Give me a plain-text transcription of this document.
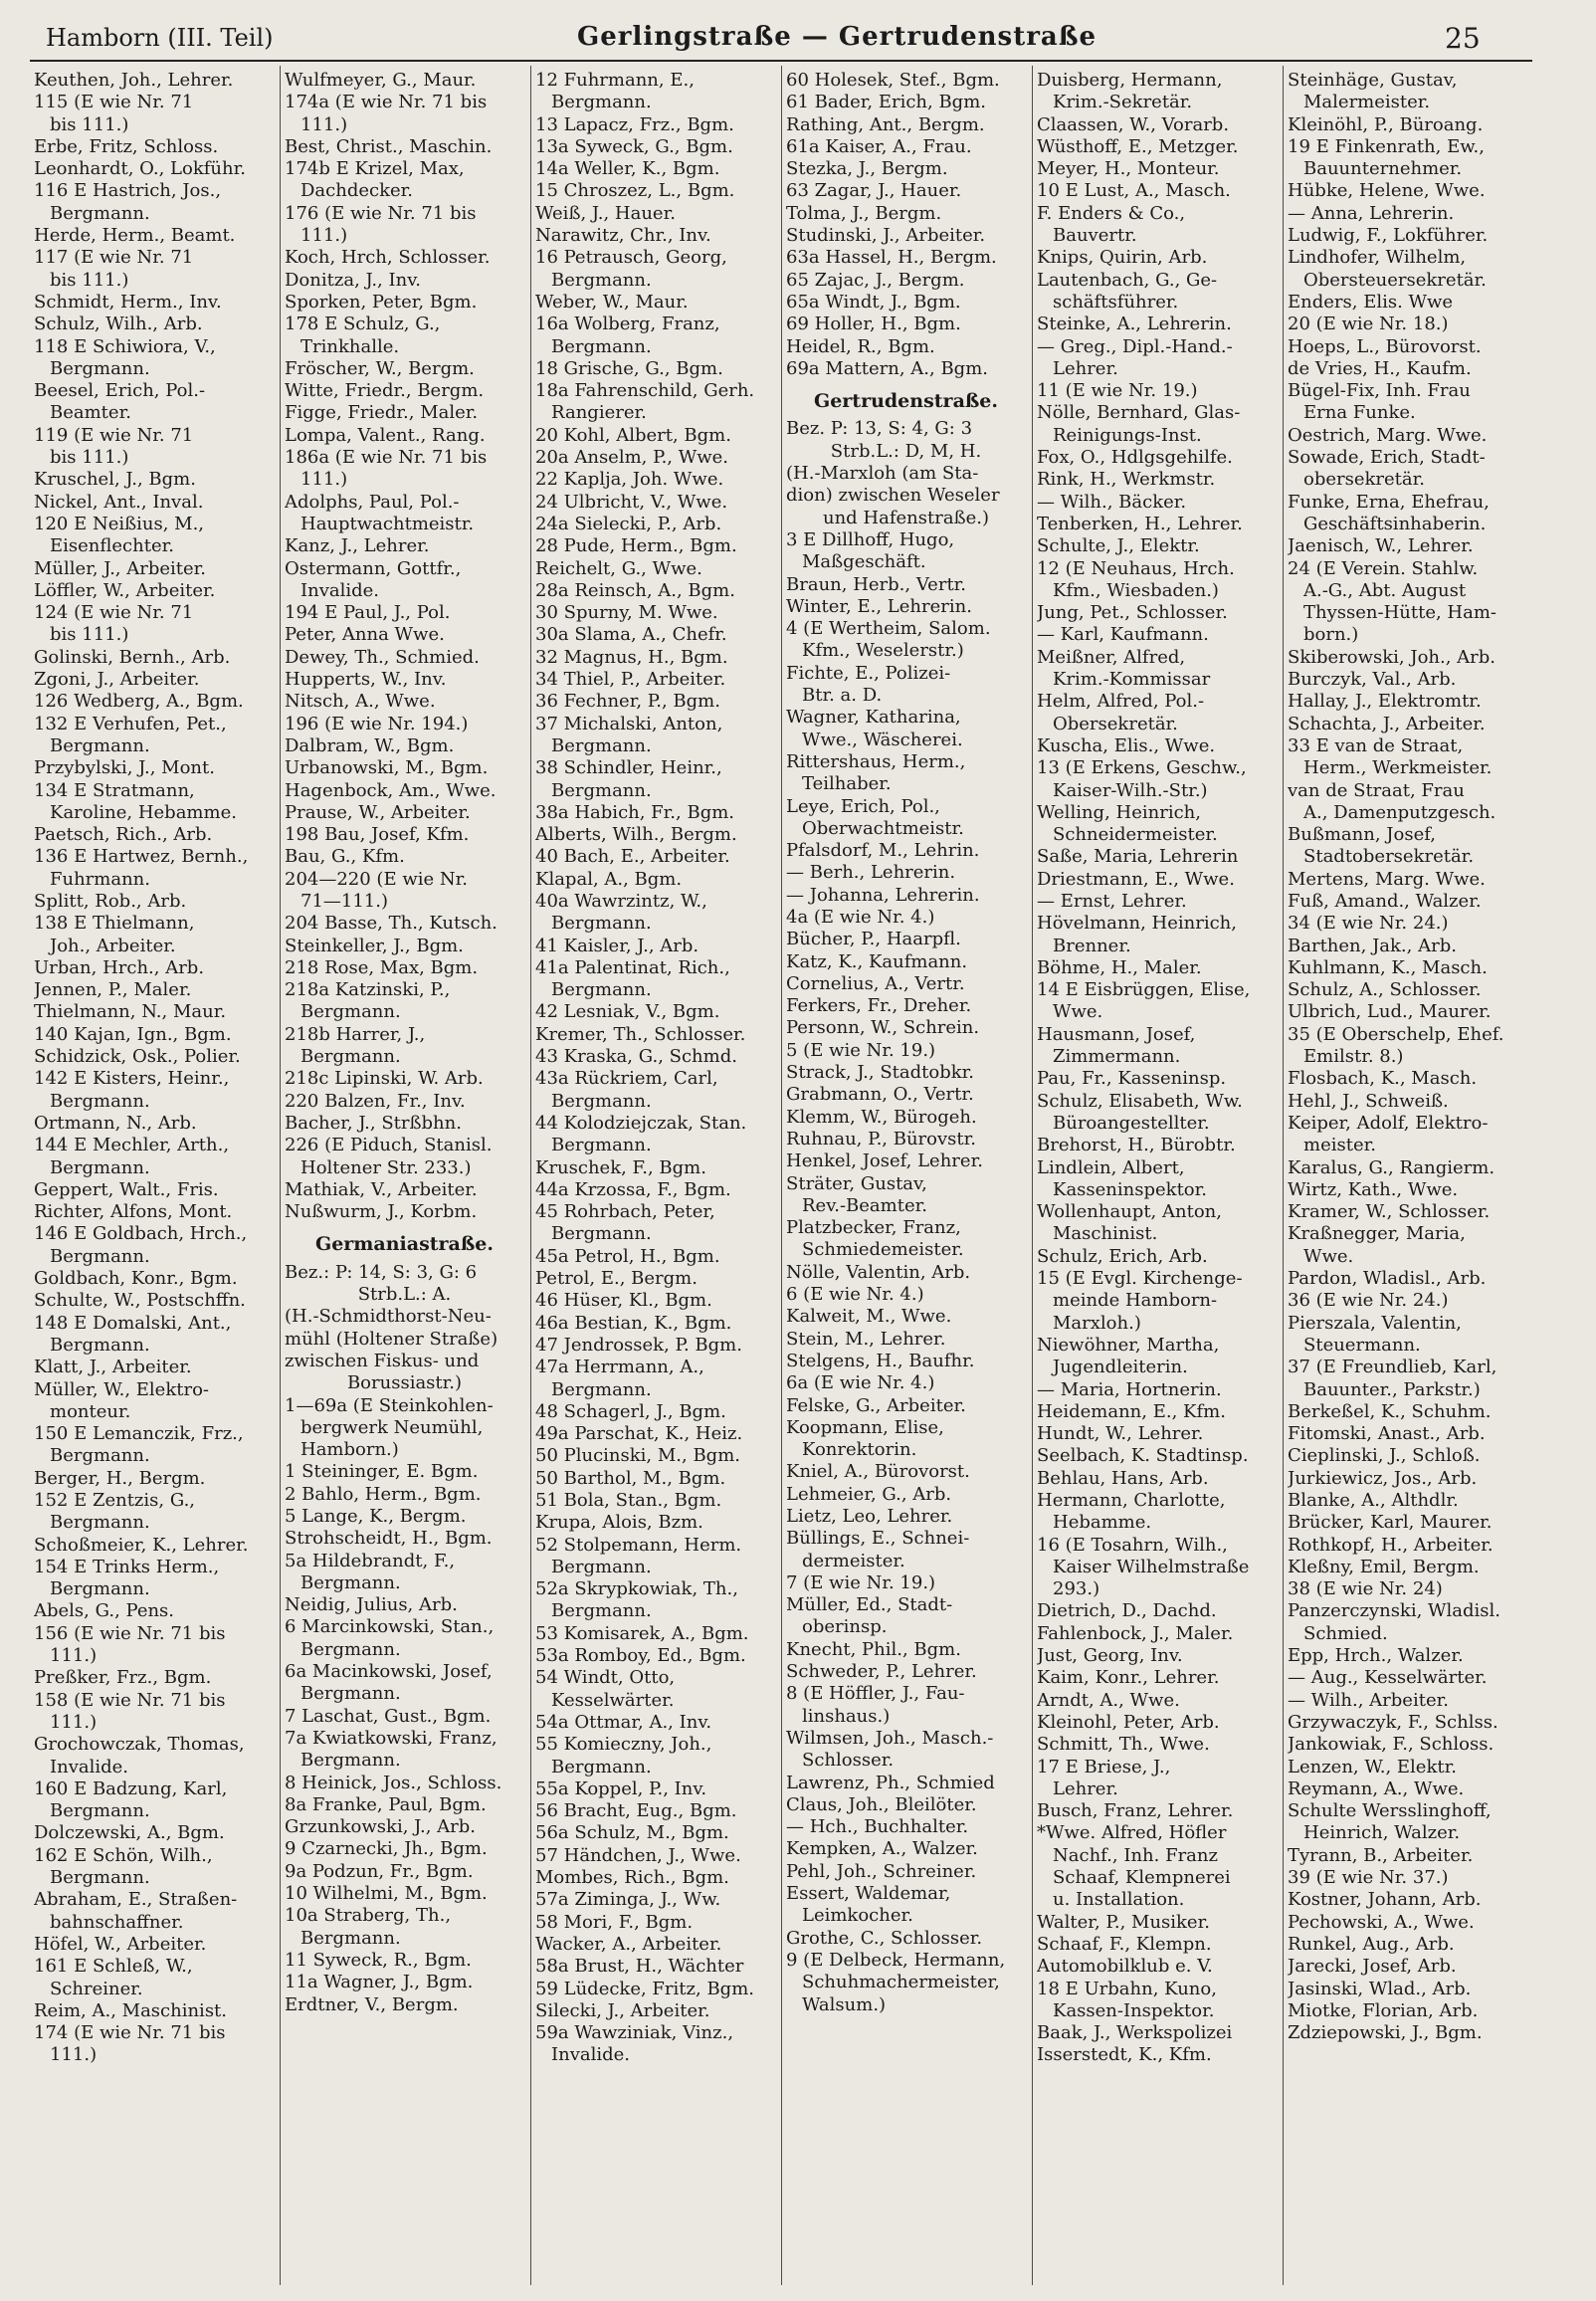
Hamborn (III. Teil)	Gerlingstraße — Gertrudenstraße	25
Keuthen, Joh., Lehrer.
115 (E wie Nr. 71
bis 111.)
Erbe, Fritz, Schloss.
Leonhardt, O., Lokführ.
116 E Hastrich, Jos.,
Bergmann.
Herde, Herm., Beamt.
117 (E wie Nr. 71
bis 111.)
Schmidt, Herm., Inv.
Schulz, Wilh., Arb.
118 E Schiwiora, V.,
Bergmann.
Beesel, Erich, Pol.-
Beamter.
119 (E wie Nr. 71
bis 111.)
Kruschel, J., Bgm.
Nickel, Ant., Inval.
120 E Neißius, M.,
Eisenflechter.
Müller, J., Arbeiter.
Löffler, W., Arbeiter.
124 (E wie Nr. 71
bis 111.)
Golinski, Bernh., Arb.
Zgoni, J., Arbeiter.
126 Wedberg, A., Bgm.
132 E Verhufen, Pet.,
Bergmann.
Przybylski, J., Mont.
134 E Stratmann,
Karoline, Hebamme.
Paetsch, Rich., Arb.
136 E Hartwez, Bernh.,
Fuhrmann.
Splitt, Rob., Arb.
138 E Thielmann,
Joh., Arbeiter.
Urban, Hrch., Arb.
Jennen, P., Maler.
Thielmann, N., Maur.
140 Kajan, Ign., Bgm.
Schidzick, Osk., Polier.
142 E Kisters, Heinr.,
Bergmann.
Ortmann, N., Arb.
144 E Mechler, Arth.,
Bergmann.
Geppert, Walt., Fris.
Richter, Alfons, Mont.
146 E Goldbach, Hrch.,
Bergmann.
Goldbach, Konr., Bgm.
Schulte, W., Postschffn.
148 E Domalski, Ant.,
Bergmann.
Klatt, J., Arbeiter.
Müller, W., Elektro-
monteur.
150 E Lemanczik, Frz.,
Bergmann.
Berger, H., Bergm.
152 E Zentzis, G.,
Bergmann.
Schoßmeier, K., Lehrer.
154 E Trinks Herm.,
Bergmann.
Abels, G., Pens.
156 (E wie Nr. 71 bis
111.)
Preßker, Frz., Bgm.
158 (E wie Nr. 71 bis
111.)
Grochowczak, Thomas,
Invalide.
160 E Badzung, Karl,
Bergmann.
Dolczewski, A., Bgm.
162 E Schön, Wilh.,
Bergmann.
Abraham, E., Straßen-
bahnschaffner.
Höfel, W., Arbeiter.
161 E Schleß, W.,
Schreiner.
Reim, A., Maschinist.
174 (E wie Nr. 71 bis
111.)
Wulfmeyer, G., Maur.
174a (E wie Nr. 71 bis
111.)
Best, Christ., Maschin.
174b E Krizel, Max,
Dachdecker.
176 (E wie Nr. 71 bis
111.)
Koch, Hrch, Schlosser.
Donitza, J., Inv.
Sporken, Peter, Bgm.
178 E Schulz, G.,
Trinkhalle.
Fröscher, W., Bergm.
Witte, Friedr., Bergm.
Figge, Friedr., Maler.
Lompa, Valent., Rang.
186a (E wie Nr. 71 bis
111.)
Adolphs, Paul, Pol.-
Hauptwachtmeistr.
Kanz, J., Lehrer.
Ostermann, Gottfr.,
Invalide.
194 E Paul, J., Pol.
Peter, Anna Wwe.
Dewey, Th., Schmied.
Hupperts, W., Inv.
Nitsch, A., Wwe.
196 (E wie Nr. 194.)
Dalbram, W., Bgm.
Urbanowski, M., Bgm.
Hagenbock, Am., Wwe.
Prause, W., Arbeiter.
198 Bau, Josef, Kfm.
Bau, G., Kfm.
204—220 (E wie Nr.
71—111.)
204 Basse, Th., Kutsch.
Steinkeller, J., Bgm.
218 Rose, Max, Bgm.
218a Katzinski, P.,
Bergmann.
218b Harrer, J.,
Bergmann.
218c Lipinski, W. Arb.
220 Balzen, Fr., Inv.
Bacher, J., Strßbhn.
226 (E Piduch, Stanisl.
Holtener Str. 233.)
Mathiak, V., Arbeiter.
Nußwurm, J., Korbm.
Germaniastraße.
Bez.: P: 14, S: 3, G: 6
Strb.L.: A.
(H.-Schmidthorst-Neu-
mühl (Holtener Straße)
zwischen Fiskus- und
Borussiastr.)
1—69a (E Steinkohlen-
bergwerk Neumühl,
Hamborn.)
1 Steininger, E. Bgm.
2 Bahlo, Herm., Bgm.
5 Lange, K., Bergm.
Strohscheidt, H., Bgm.
5a Hildebrandt, F.,
Bergmann.
Neidig, Julius, Arb.
6 Marcinkowski, Stan.,
Bergmann.
6a Macinkowski, Josef,
Bergmann.
7 Laschat, Gust., Bgm.
7a Kwiatkowski, Franz,
Bergmann.
8 Heinick, Jos., Schloss.
8a Franke, Paul, Bgm.
Grzunkowski, J., Arb.
9 Czarnecki, Jh., Bgm.
9a Podzun, Fr., Bgm.
10 Wilhelmi, M., Bgm.
10a Straberg, Th.,
Bergmann.
11 Syweck, R., Bgm.
11a Wagner, J., Bgm.
Erdtner, V., Bergm.
12 Fuhrmann, E.,
Bergmann.
13 Lapacz, Frz., Bgm.
13a Syweck, G., Bgm.
14a Weller, K., Bgm.
15 Chroszez, L., Bgm.
Weiß, J., Hauer.
Narawitz, Chr., Inv.
16 Petrausch, Georg,
Bergmann.
Weber, W., Maur.
16a Wolberg, Franz,
Bergmann.
18 Grische, G., Bgm.
18a Fahrenschild, Gerh.
Rangierer.
20 Kohl, Albert, Bgm.
20a Anselm, P., Wwe.
22 Kaplja, Joh. Wwe.
24 Ulbricht, V., Wwe.
24a Sielecki, P., Arb.
28 Pude, Herm., Bgm.
Reichelt, G., Wwe.
28a Reinsch, A., Bgm.
30 Spurny, M. Wwe.
30a Slama, A., Chefr.
32 Magnus, H., Bgm.
34 Thiel, P., Arbeiter.
36 Fechner, P., Bgm.
37 Michalski, Anton,
Bergmann.
38 Schindler, Heinr.,
Bergmann.
38a Habich, Fr., Bgm.
Alberts, Wilh., Bergm.
40 Bach, E., Arbeiter.
Klapal, A., Bgm.
40a Wawrzintz, W.,
Bergmann.
41 Kaisler, J., Arb.
41a Palentinat, Rich.,
Bergmann.
42 Lesniak, V., Bgm.
Kremer, Th., Schlosser.
43 Kraska, G., Schmd.
43a Rückriem, Carl,
Bergmann.
44 Kolodziejczak, Stan.
Bergmann.
Kruschek, F., Bgm.
44a Krzossa, F., Bgm.
45 Rohrbach, Peter,
Bergmann.
45a Petrol, H., Bgm.
Petrol, E., Bergm.
46 Hüser, Kl., Bgm.
46a Bestian, K., Bgm.
47 Jendrossek, P. Bgm.
47a Herrmann, A.,
Bergmann.
48 Schagerl, J., Bgm.
49a Parschat, K., Heiz.
50 Plucinski, M., Bgm.
50 Barthol, M., Bgm.
51 Bola, Stan., Bgm.
Krupa, Alois, Bzm.
52 Stolpemann, Herm.
Bergmann.
52a Skrypkowiak, Th.,
Bergmann.
53 Komisarek, A., Bgm.
53a Romboy, Ed., Bgm.
54 Windt, Otto,
Kesselwärter.
54a Ottmar, A., Inv.
55 Komieczny, Joh.,
Bergmann.
55a Koppel, P., Inv.
56 Bracht, Eug., Bgm.
56a Schulz, M., Bgm.
57 Händchen, J., Wwe.
Mombes, Rich., Bgm.
57a Ziminga, J., Ww.
58 Mori, F., Bgm.
Wacker, A., Arbeiter.
58a Brust, H., Wächter
59 Lüdecke, Fritz, Bgm.
Silecki, J., Arbeiter.
59a Wawziniak, Vinz.,
Invalide.
60 Holesek, Stef., Bgm.
61 Bader, Erich, Bgm.
Rathing, Ant., Bergm.
61a Kaiser, A., Frau.
Stezka, J., Bergm.
63 Zagar, J., Hauer.
Tolma, J., Bergm.
Studinski, J., Arbeiter.
63a Hassel, H., Bergm.
65 Zajac, J., Bergm.
65a Windt, J., Bgm.
69 Holler, H., Bgm.
Heidel, R., Bgm.
69a Mattern, A., Bgm.
Gertrudenstraße.
Bez. P: 13, S: 4, G: 3
Strb.L.: D, M, H.
(H.-Marxloh (am Sta-
dion) zwischen Weseler
und Hafenstraße.)
3 E Dillhoff, Hugo,
Maßgeschäft.
Braun, Herb., Vertr.
Winter, E., Lehrerin.
4 (E Wertheim, Salom.
Kfm., Weselerstr.)
Fichte, E., Polizei-
Btr. a. D.
Wagner, Katharina,
Wwe., Wäscherei.
Rittershaus, Herm.,
Teilhaber.
Leye, Erich, Pol.,
Oberwachtmeistr.
Pfalsdorf, M., Lehrin.
— Berh., Lehrerin.
— Johanna, Lehrerin.
4a (E wie Nr. 4.)
Bücher, P., Haarpfl.
Katz, K., Kaufmann.
Cornelius, A., Vertr.
Ferkers, Fr., Dreher.
Personn, W., Schrein.
5 (E wie Nr. 19.)
Strack, J., Stadtobkr.
Grabmann, O., Vertr.
Klemm, W., Bürogeh.
Ruhnau, P., Bürovstr.
Henkel, Josef, Lehrer.
Sträter, Gustav,
Rev.-Beamter.
Platzbecker, Franz,
Schmiedemeister.
Nölle, Valentin, Arb.
6 (E wie Nr. 4.)
Kalweit, M., Wwe.
Stein, M., Lehrer.
Stelgens, H., Baufhr.
6a (E wie Nr. 4.)
Felske, G., Arbeiter.
Koopmann, Elise,
Konrektorin.
Kniel, A., Bürovorst.
Lehmeier, G., Arb.
Lietz, Leo, Lehrer.
Büllings, E., Schnei-
dermeister.
7 (E wie Nr. 19.)
Müller, Ed., Stadt-
oberinsp.
Knecht, Phil., Bgm.
Schweder, P., Lehrer.
8 (E Höffler, J., Fau-
linshaus.)
Wilmsen, Joh., Masch.-
Schlosser.
Lawrenz, Ph., Schmied
Claus, Joh., Bleilöter.
— Hch., Buchhalter.
Kempken, A., Walzer.
Pehl, Joh., Schreiner.
Essert, Waldemar,
Leimkocher.
Grothe, C., Schlosser.
9 (E Delbeck, Hermann,
Schuhmachermeister,
Walsum.)
Duisberg, Hermann,
Krim.-Sekretär.
Claassen, W., Vorarb.
Wüsthoff, E., Metzger.
Meyer, H., Monteur.
10 E Lust, A., Masch.
F. Enders & Co.,
Bauvertr.
Knips, Quirin, Arb.
Lautenbach, G., Ge-
schäftsführer.
Steinke, A., Lehrerin.
— Greg., Dipl.-Hand.-
Lehrer.
11 (E wie Nr. 19.)
Nölle, Bernhard, Glas-
Reinigungs-Inst.
Fox, O., Hdlgsgehilfe.
Rink, H., Werkmstr.
— Wilh., Bäcker.
Tenberken, H., Lehrer.
Schulte, J., Elektr.
12 (E Neuhaus, Hrch.
Kfm., Wiesbaden.)
Jung, Pet., Schlosser.
— Karl, Kaufmann.
Meißner, Alfred,
Krim.-Kommissar
Helm, Alfred, Pol.-
Obersekretär.
Kuscha, Elis., Wwe.
13 (E Erkens, Geschw.,
Kaiser-Wilh.-Str.)
Welling, Heinrich,
Schneidermeister.
Saße, Maria, Lehrerin
Driestmann, E., Wwe.
— Ernst, Lehrer.
Hövelmann, Heinrich,
Brenner.
Böhme, H., Maler.
14 E Eisbrüggen, Elise,
Wwe.
Hausmann, Josef,
Zimmermann.
Pau, Fr., Kasseninsp.
Schulz, Elisabeth, Ww.
Büroangestellter.
Brehorst, H., Bürobtr.
Lindlein, Albert,
Kasseninspektor.
Wollenhaupt, Anton,
Maschinist.
Schulz, Erich, Arb.
15 (E Evgl. Kirchenge-
meinde Hamborn-
Marxloh.)
Niewöhner, Martha,
Jugendleiterin.
— Maria, Hortnerin.
Heidemann, E., Kfm.
Hundt, W., Lehrer.
Seelbach, K. Stadtinsp.
Behlau, Hans, Arb.
Hermann, Charlotte,
Hebamme.
16 (E Tosahrn, Wilh.,
Kaiser Wilhelmstraße
293.)
Dietrich, D., Dachd.
Fahlenbock, J., Maler.
Just, Georg, Inv.
Kaim, Konr., Lehrer.
Arndt, A., Wwe.
Kleinohl, Peter, Arb.
Schmitt, Th., Wwe.
17 E Briese, J.,
Lehrer.
Busch, Franz, Lehrer.
*Wwe. Alfred, Höfler
Nachf., Inh. Franz
Schaaf, Klempnerei
u. Installation.
Walter, P., Musiker.
Schaaf, F., Klempn.
Automobilklub e. V.
18 E Urbahn, Kuno,
Kassen-Inspektor.
Baak, J., Werkspolizei
Isserstedt, K., Kfm.
Steinhäge, Gustav,
Malermeister.
Kleinöhl, P., Büroang.
19 E Finkenrath, Ew.,
Bauunternehmer.
Hübke, Helene, Wwe.
— Anna, Lehrerin.
Ludwig, F., Lokführer.
Lindhofer, Wilhelm,
Obersteuersekretär.
Enders, Elis. Wwe
20 (E wie Nr. 18.)
Hoeps, L., Bürovorst.
de Vries, H., Kaufm.
Bügel-Fix, Inh. Frau
Erna Funke.
Oestrich, Marg. Wwe.
Sowade, Erich, Stadt-
obersekretär.
Funke, Erna, Ehefrau,
Geschäftsinhaberin.
Jaenisch, W., Lehrer.
24 (E Verein. Stahlw.
A.-G., Abt. August
Thyssen-Hütte, Ham-
born.)
Skiberowski, Joh., Arb.
Burczyk, Val., Arb.
Hallay, J., Elektromtr.
Schachta, J., Arbeiter.
33 E van de Straat,
Herm., Werkmeister.
van de Straat, Frau
A., Damenputzgesch.
Bußmann, Josef,
Stadtobersekretär.
Mertens, Marg. Wwe.
Fuß, Amand., Walzer.
34 (E wie Nr. 24.)
Barthen, Jak., Arb.
Kuhlmann, K., Masch.
Schulz, A., Schlosser.
Ulbrich, Lud., Maurer.
35 (E Oberschelp, Ehef.
Emilstr. 8.)
Flosbach, K., Masch.
Hehl, J., Schweiß.
Keiper, Adolf, Elektro-
meister.
Karalus, G., Rangierm.
Wirtz, Kath., Wwe.
Kramer, W., Schlosser.
Kraßnegger, Maria,
Wwe.
Pardon, Wladisl., Arb.
36 (E wie Nr. 24.)
Pierszala, Valentin,
Steuermann.
37 (E Freundlieb, Karl,
Bauunter., Parkstr.)
Berkeßel, K., Schuhm.
Fitomski, Anast., Arb.
Cieplinski, J., Schloß.
Jurkiewicz, Jos., Arb.
Blanke, A., Althdlr.
Brücker, Karl, Maurer.
Rothkopf, H., Arbeiter.
Kleßny, Emil, Bergm.
38 (E wie Nr. 24)
Panzerczynski, Wladisl.
Schmied.
Epp, Hrch., Walzer.
— Aug., Kesselwärter.
— Wilh., Arbeiter.
Grzywaczyk, F., Schlss.
Jankowiak, F., Schloss.
Lenzen, W., Elektr.
Reymann, A., Wwe.
Schulte Wersslinghoff,
Heinrich, Walzer.
Tyrann, B., Arbeiter.
39 (E wie Nr. 37.)
Kostner, Johann, Arb.
Pechowski, A., Wwe.
Runkel, Aug., Arb.
Jarecki, Josef, Arb.
Jasinski, Wlad., Arb.
Miotke, Florian, Arb.
Zdziepowski, J., Bgm.
